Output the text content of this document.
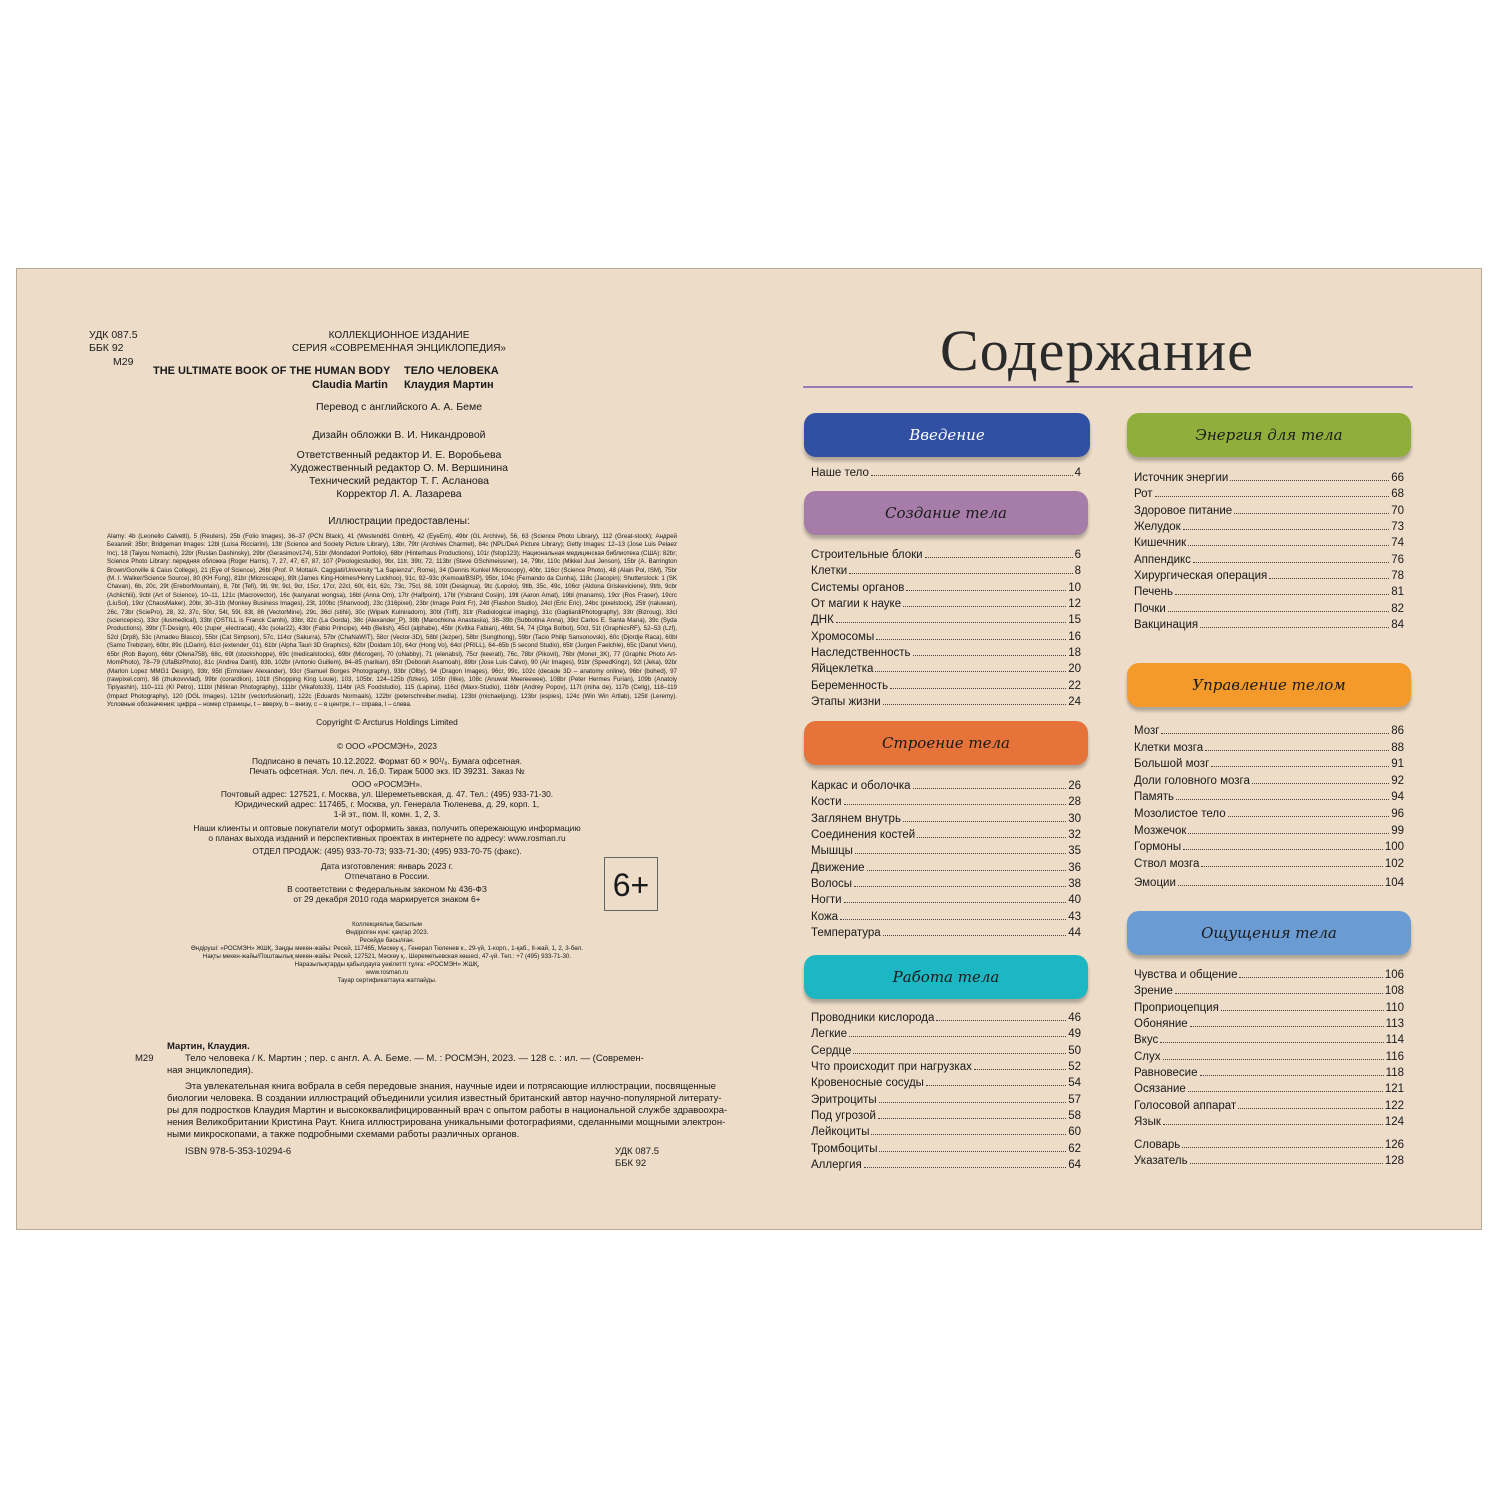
УДК 087.5
ББК 92
М29
КОЛЛЕКЦИОННОЕ ИЗДАНИЕ
СЕРИЯ «СОВРЕМЕННАЯ ЭНЦИКЛОПЕДИЯ»
THE ULTIMATE BOOK OF THE HUMAN BODY ТЕЛО ЧЕЛОВЕКА
Claudia Martin Клаудия Мартин
Перевод с английского А. А. Беме
Дизайн обложки В. И. Никандровой
Ответственный редактор И. Е. Воробьева
Художественный редактор О. М. Вершинина
Технический редактор Т. Г. Асланова
Корректор Л. А. Лазарева
Иллюстрации предоставлены:
Alamy: 4b (Leonello Calvetti), 5 (Reuters), 25b (Folio Images), 36–37 (PCN Black), 41 (Westend61 GmbH), 42 (EyeEm), 49br (GL Archive), 56, 63 (Science Photo Library), 112 (Great-stock); Андрей Безалий: 35br; Bridgeman Images: 12bl (Luisa Ricciarini), 13tr (Science and Society Picture Library), 13br, 79tr (Archives Charmet), 84c (NPL/DeA Picture Library); Getty Images: 12–13 (Jose Luis Pelaez Inc), 18 (Taiyou Nomachi), 22br (Ruslan Dashinsky), 29br (Gerasimov174), 51br (Mondadori Portfolio), 68br (Hinterhaus Productions), 101r (fstop123); Национальная медицинская библиотека (США): 82br; Science Photo Library: передняя обложка (Roger Harris), 7, 27, 47, 67, 87, 107 (Pixologicstudio), 9br, 11tr, 39tr, 72, 113br (Steve GSchmeissner), 14, 79br, 110c (Mikkel Juul Jenson), 15br (A. Barrington Brown/Gonville & Caius College), 21 (Eye of Science), 26bl (Prof. P. Motta/A. Caggiati/University "La Sapienza", Rome), 34 (Dennis Kunkel Microscopy), 40br, 116cr (Science Photo), 48 (Alain Pol, ISM), 75br (M. I. Walker/Science Source), 80 (KH Fung), 81br (Microscape), 89t (James King-Holmes/Henry Luckhoo), 91c, 92–93c (Kemoal/BSIP), 95br, 104c (Fernando da Cunha), 118c (Jacopin); Shutterstock: 1 (SK Chavan), 6b, 20c, 29t (EreborMountain), 8, 7bt (Tefi), 9tl, 9tr, 9cl, 9cr, 15cr, 17cr, 22cl, 60t, 61t, 62c, 73c, 75cl, 88, 109t (Designua), 9tc (Lopolo), 9tlb, 35c, 49c, 106cr (Aldona Griskeviciene), 9trb, 9cbr (Achiichiii), 9cbl (Art of Science), 10–11, 121c (Macrovector), 16c (kanyanat wongsa), 16bl (Anna Om), 17tr (Halfpoint), 17bl (Ysbrand Cosijn), 19tl (Aaron Amat), 19bl (manams), 19cr (Ros Fraser), 19crc (LiuSol), 19cr (ChaosMaker), 20br, 30–31b (Monkey Business Images), 23t, 100bc (Shanvood), 23c (316pixel), 23br (Image Point Fr), 24tl (Flashon Studio), 24cl (Eric Eric), 24bc (pixelstock), 25tr (naluwan), 26c, 73br (SciePro), 28, 32, 37c, 50cr, 54t, 59l, 83t, 86 (VectorMine), 29c, 36cl (stihii), 30c (Wipark Kulniradorn), 30bl (Triff), 31tr (Radiological imaging), 31c (GagliardiPhotography), 33tr (Bizroug), 33cl (sciencepics), 33cr (ilusmedical), 33bl (OSTILL is Franck Camhi), 33br, 82c (La Gorda), 38c (Alexander_P), 38b (Marochkina Anastasiia), 38–39b (Subbotina Anna), 39cl Carlos E. Santa Maria), 39c (Syda Productions), 39br (T-Design), 40c (zuper_electracat), 43c (solar22), 43br (Fabio Principe), 44b (Belish), 45cl (alphabe), 45br (Kvitka Fabian), 46bt, 54, 74 (Olga Bolbot), 50cl, 51t (GraphicsRF), 52–53 (Lzf), 52cl (Drp8), 53c (Amadeu Blasco), 55br (Cat Simpson), 57c, 114cr (Sakurra), 57br (ChaNaWIT), 58cr (Vector-3D), 58bl (Jezper), 58br (Sungthong), 59br (Tacio Philip Sansonovski), 60c (Djordje Raca), 60bl (Samo Trebizan), 60br, 89c (LDarin), 61cl (extender_01), 61br (Alpha Tauri 3D Graphics), 62br (Doidam 10), 64cr (Hong Vo), 64cl (PRILL), 64–65b (5 second Studio), 65tr (Jurgen Faelchle), 65c (Danut Vieru), 65br (Rob Bayon), 66br (Olena758), 68c, 69t (stockshoppe), 69c (medicalstocks), 69br (Microgen), 70 (oNabby), 71 (elenabsl), 75cr (keerati), 76c, 78br (Pikovit), 76br (Monet_3K), 77 (Graphic Photo Art-MomPhoto), 78–79 (UfaBizPhoto), 81c (Andrea Danti), 83b, 102br (Antonio Guillem), 84–85 (narikan), 85tr (Deborah Asamoah), 89br (Jose Luis Calvo), 90 (Air Images), 91br (SpeedKingz), 92l (Jeka), 92br (Marlon Lopez MMG1 Design), 93tr, 95tl (Ermolaev Alexander), 93cr (Samuel Borges Photography), 93br (Olby), 94 (Dragon Images), 96cr, 99c, 102c (decade 3D – anatomy online), 96br (bohed), 97 (rawpixel.com), 98 (zhukovvvlad), 99br (corardlion), 101tl (Shopping King Louie), 103, 105br, 124–125b (fizkes), 105tr (Ilike), 108c (Anuwat Meereewee), 108br (Peter Hermes Furian), 109b (Anatoly Tiplyashin), 110–111 (Kl Petro), 111bl (Nitikran Photography), 111br (Vikafoto33), 114br (AS Foodstudio), 115 (Lapina), 116cl (Maxx-Studio), 116br (Andrey Popov), 117t (miha de), 117b (Celig), 118–119 (Impact Photography), 120 (DGL Images), 121br (vectorfusionart), 122c (Eduards Normaals), 122br (peterschreiber.media), 123bl (michaeljung), 123br (espies), 124c (Win Win Artlab), 125tl (Leremy). Условные обозначения: цифра – номер страницы, t – вверху, b – внизу, c – в центре, r – справа, l – слева.
Copyright © Arcturus Holdings Limited
© ООО «РОСМЭН», 2023
Подписано в печать 10.12.2022. Формат 60 × 90¹/₈. Бумага офсетная.
Печать офсетная. Усл. печ. л. 16,0. Тираж 5000 экз. ID 39231. Заказ №
ООО «РОСМЭН».
Почтовый адрес: 127521, г. Москва, ул. Шереметьевская, д. 47. Тел.: (495) 933-71-30.
Юридический адрес: 117465, г. Москва, ул. Генерала Тюленева, д. 29, корп. 1,
1-й эт., пом. II, комн. 1, 2, 3.
Наши клиенты и оптовые покупатели могут оформить заказ, получить опережающую информацию
о планах выхода изданий и перспективных проектах в интернете по адресу: www.rosman.ru
ОТДЕЛ ПРОДАЖ: (495) 933-70-73; 933-71-30; (495) 933-70-75 (факс).
Дата изготовления: январь 2023 г.
Отпечатано в России.
В соответствии с Федеральным законом № 436-ФЗ
от 29 декабря 2010 года маркируется знаком 6+	6+
Коллекциялық басылым
Өндірілген күні: қаңтар 2023.
Ресейде басылған.
Өндіруші: «РОСМЭН» ЖШҚ, Заңды мекен-жайы: Ресей, 117465, Мәскеу қ., Генерал Тюленев к., 29-үй, 1-корп., 1-қаб., II-жай, 1, 2, 3-бөл.
Нақты мекен-жайы/Поштаылық мекен-жайы: Ресей, 127521, Мәскеу қ., Шереметьевская көшесі, 47-үй. Тел.: +7 (495) 933-71-30.
Наразылықтарды қабылдауға уәкілетті тұлға: «РОСМЭН» ЖШҚ,
www.rosman.ru
Тауар сертификаттауға жатпайды.
Мартин, Клаудия.
М29	Тело человека / К. Мартин ; пер. с англ. А. А. Беме. — М. : РОСМЭН, 2023. — 128 с. : ил. — (Современ-
ная энциклопедия).
Эта увлекательная книга вобрала в себя передовые знания, научные идеи и потрясающие иллюстрации, посвященные
биологии человека. В создании иллюстраций объединили усилия известный британский автор научно-популярной литерату-
ры для подростков Клаудия Мартин и высококвалифицированный врач с опытом работы в национальной службе здравоохра-
нения Великобритании Кристина Раут. Книга иллюстрирована уникальными фотографиями, сделанными мощными электрон-
ными микроскопами, а также подробными схемами работы различных органов.
ISBN 978-5-353-10294-6	УДК 087.5
ББК 92
Содержание
Введение
Наше тело	4
Создание тела
Строительные блоки	6
Клетки	8
Системы органов	10
От магии к науке	12
ДНК	15
Хромосомы	16
Наследственность	18
Яйцеклетка	20
Беременность	22
Этапы жизни	24
Строение тела
Каркас и оболочка	26
Кости	28
Заглянем внутрь	30
Соединения костей	32
Мышцы	35
Движение	36
Волосы	38
Ногти	40
Кожа	43
Температура	44
Работа тела
Проводники кислорода	46
Легкие	49
Сердце	50
Что происходит при нагрузках	52
Кровеносные сосуды	54
Эритроциты	57
Под угрозой	58
Лейкоциты	60
Тромбоциты	62
Аллергия	64
Энергия для тела
Источник энергии	66
Рот	68
Здоровое питание	70
Желудок	73
Кишечник	74
Аппендикс	76
Хирургическая операция	78
Печень	81
Почки	82
Вакцинация	84
Управление телом
Мозг	86
Клетки мозга	88
Большой мозг	91
Доли головного мозга	92
Память	94
Мозолистое тело	96
Мозжечок	99
Гормоны	100
Ствол мозга	102
Эмоции	104
Ощущения тела
Чувства и общение	106
Зрение	108
Проприоцепция	110
Обоняние	113
Вкус	114
Слух	116
Равновесие	118
Осязание	121
Голосовой аппарат	122
Язык	124
Словарь	126
Указатель	128
